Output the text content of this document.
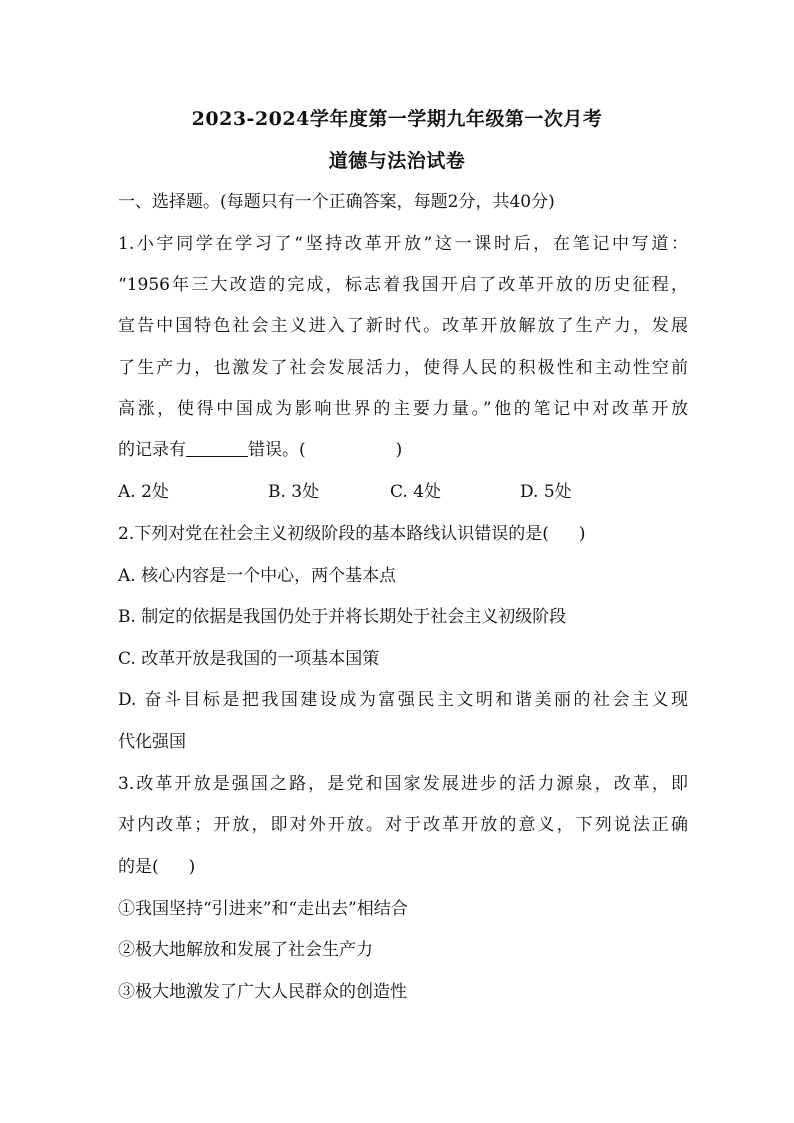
2023-2024学年度第一学期九年级第一次月考
道德与法治试卷
一、选择题。(每题只有一个正确答案，每题2分，共40分)
1.小宇同学在学习了“坚持改革开放”这一课时后，在笔记中写道：
“1956年三大改造的完成，标志着我国开启了改革开放的历史征程，
宣告中国特色社会主义进入了新时代。改革开放解放了生产力，发展
了生产力，也激发了社会发展活力，使得人民的积极性和主动性空前
高涨，使得中国成为影响世界的主要力量。”他的笔记中对改革开放
的记录有	错误。(	)
A. 2处	B. 3处	C. 4处	D. 5处
2.下列对党在社会主义初级阶段的基本路线认识错误的是( )
A. 核心内容是一个中心，两个基本点
B. 制定的依据是我国仍处于并将长期处于社会主义初级阶段
C. 改革开放是我国的一项基本国策
D. 奋斗目标是把我国建设成为富强民主文明和谐美丽的社会主义现
代化强国
3.改革开放是强国之路，是党和国家发展进步的活力源泉，改革，即
对内改革；开放，即对外开放。对于改革开放的意义，下列说法正确
的是( )
①我国坚持“引进来”和“走出去”相结合
②极大地解放和发展了社会生产力
③极大地激发了广大人民群众的创造性
